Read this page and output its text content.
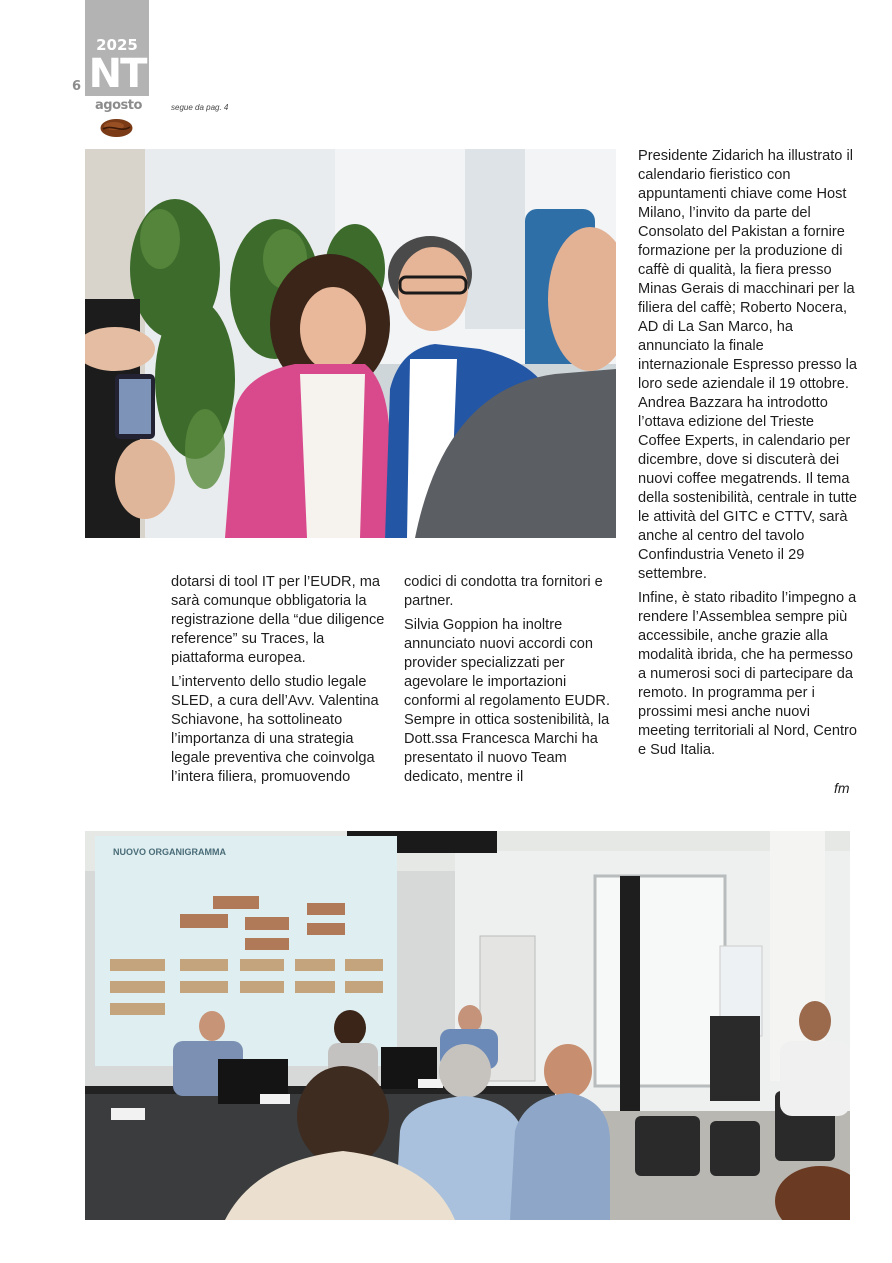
2025
NT
6
agosto	segue da pag. 4

dotarsi di tool IT per l’EUDR, ma sarà comunque obbligatoria la registrazione della “due diligence reference” su Traces, la piattaforma europea.

L’intervento dello studio legale SLED, a cura dell’Avv. Valentina Schiavone, ha sottolineato l’importanza di una strategia legale preventiva che coinvolga l’intera filiera, promuovendo

codici di condotta tra fornitori e partner.

Silvia Goppion ha inoltre annunciato nuovi accordi con provider specializzati per agevolare le importazioni conformi al regolamento EUDR. Sempre in ottica sostenibilità, la Dott.ssa Francesca Marchi ha presentato il nuovo Team dedicato, mentre il

Presidente Zidarich ha illustrato il calendario fieristico con appuntamenti chiave come Host Milano, l’invito da parte del Consolato del Pakistan a fornire formazione per la produzione di caffè di qualità, la fiera presso Minas Gerais di macchinari per la filiera del caffè; Roberto Nocera, AD di La San Marco, ha annunciato la finale internazionale Espresso presso la loro sede aziendale il 19 ottobre. Andrea Bazzara ha introdotto l’ottava edizione del Trieste Coffee Experts, in calendario per dicembre, dove si discuterà dei nuovi coffee megatrends. Il tema della sostenibilità, centrale in tutte le attività del GITC e CTTV, sarà anche al centro del tavolo Confindustria Veneto il 29 settembre.

Infine, è stato ribadito l’impegno a rendere l’Assemblea sempre più accessibile, anche grazie alla modalità ibrida, che ha permesso a numerosi soci di partecipare da remoto. In programma per i prossimi mesi anche nuovi meeting territoriali al Nord, Centro e Sud Italia.

fm
NUOVO ORGANIGRAMMA
